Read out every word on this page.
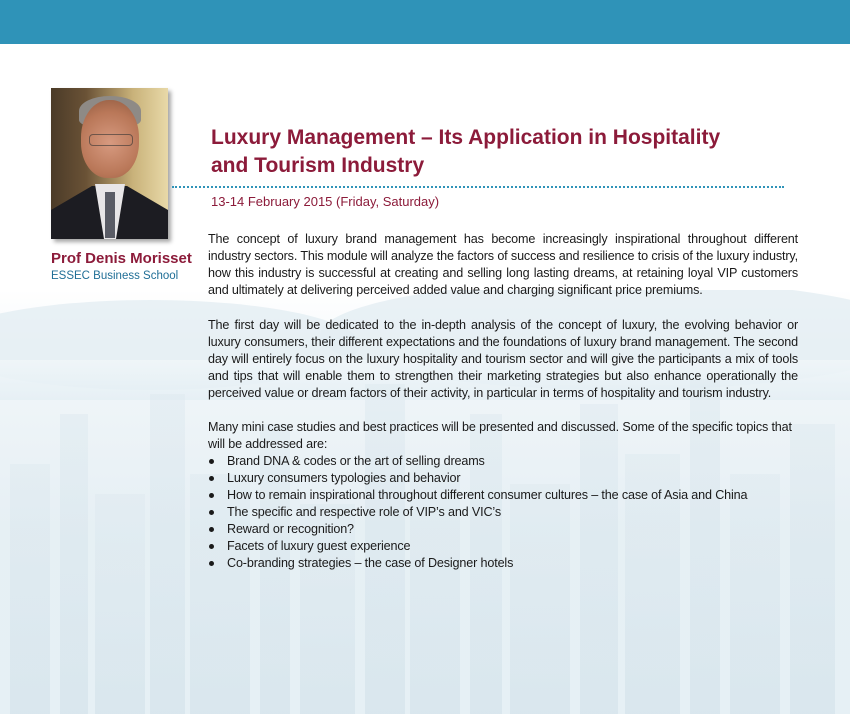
Prof Denis Morisset
ESSEC Business School
Luxury Management – Its Application in Hospitality
and Tourism Industry
13-14 February 2015 (Friday, Saturday)

The concept of luxury brand management has become increasingly inspirational throughout different industry sectors. This module will analyze the factors of success and resilience to crisis of the luxury industry, how this industry is successful at creating and selling long lasting dreams, at retaining loyal VIP customers and ultimately at delivering perceived added value and charging significant price premiums.

The first day will be dedicated to the in-depth analysis of the concept of luxury, the evolving behavior or luxury consumers, their different expectations and the foundations of luxury brand management. The second day will entirely focus on the luxury hospitality and tourism sector and will give the participants a mix of tools and tips that will enable them to strengthen their marketing strategies but also enhance operationally the perceived value or dream factors of their activity, in particular in terms of hospitality and tourism industry.

Many mini case studies and best practices will be presented and discussed. Some of the specific topics that will be addressed are:

Brand DNA & codes or the art of selling dreams
Luxury consumers typologies and behavior
How to remain inspirational throughout different consumer cultures – the case of Asia and China
The specific and respective role of VIP’s and VIC’s
Reward or recognition?
Facets of luxury guest experience
Co-branding strategies – the case of Designer hotels
